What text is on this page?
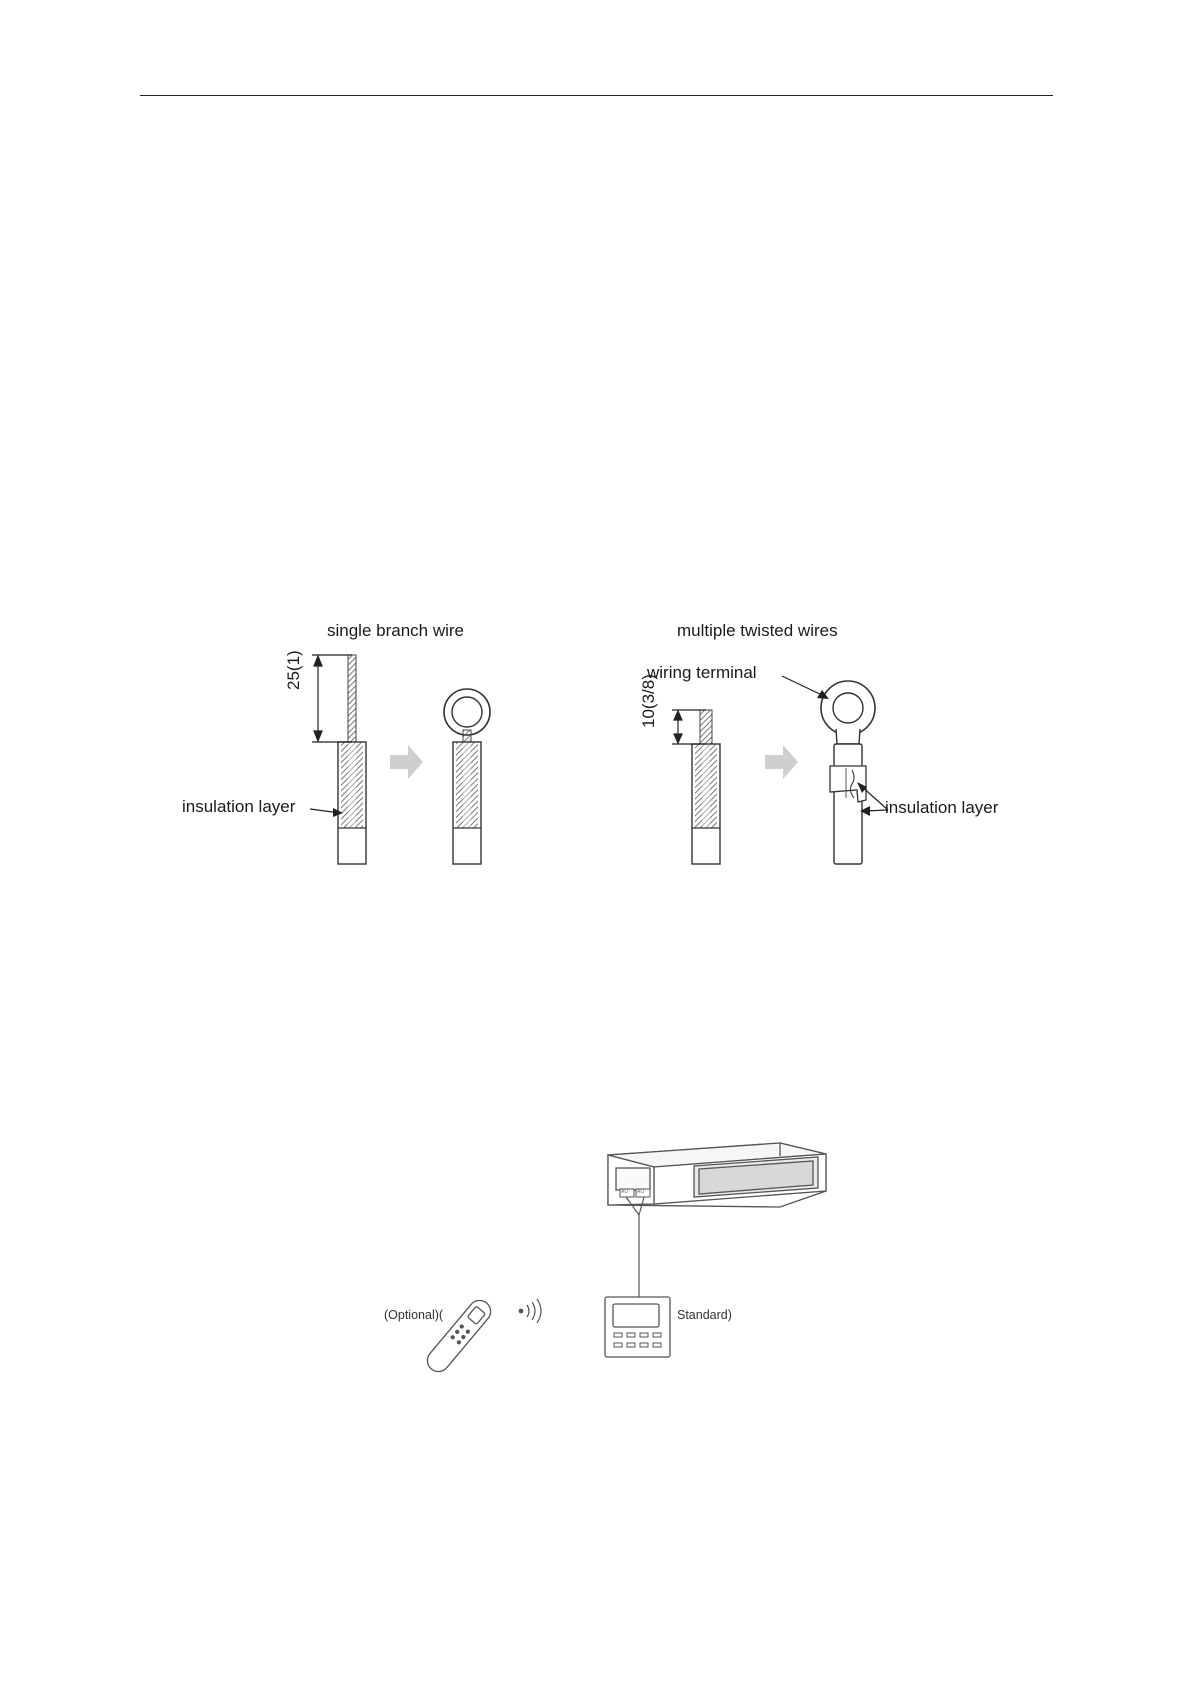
single branch wire	multiple twisted wires
wiring terminal
insulation layer	insulation layer
25(1)
10(3/8)
(Optional)(	Standard)
AO AO
